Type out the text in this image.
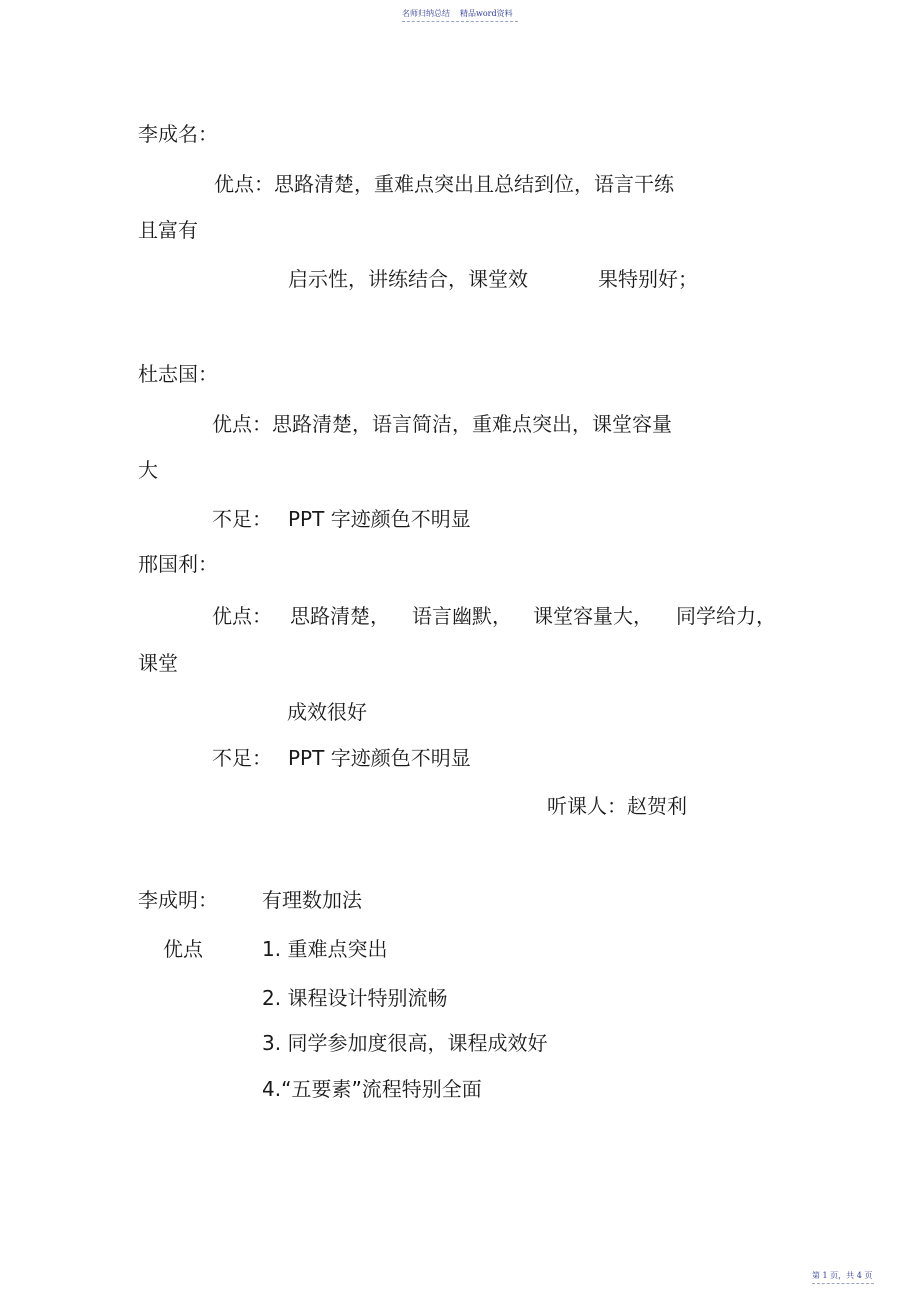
名师归纳总结 精品word资料
李成名：
优点：思路清楚，重难点突出且总结到位，语言干练
且富有
启示性，讲练结合，课堂效	果特别好；
杜志国：
优点：思路清楚，语言简洁，重难点突出，课堂容量
大
不足： PPT 字迹颜色不明显
邢国利：
优点： 思路清楚， 语言幽默， 课堂容量大， 同学给力，
课堂
成效很好
不足： PPT 字迹颜色不明显
听课人：赵贺利
李成明： 有理数加法
优点	1. 重难点突出
2. 课程设计特别流畅
3. 同学参加度很高，课程成效好
4.“五要素”流程特别全面
第 1 页，共 4 页
